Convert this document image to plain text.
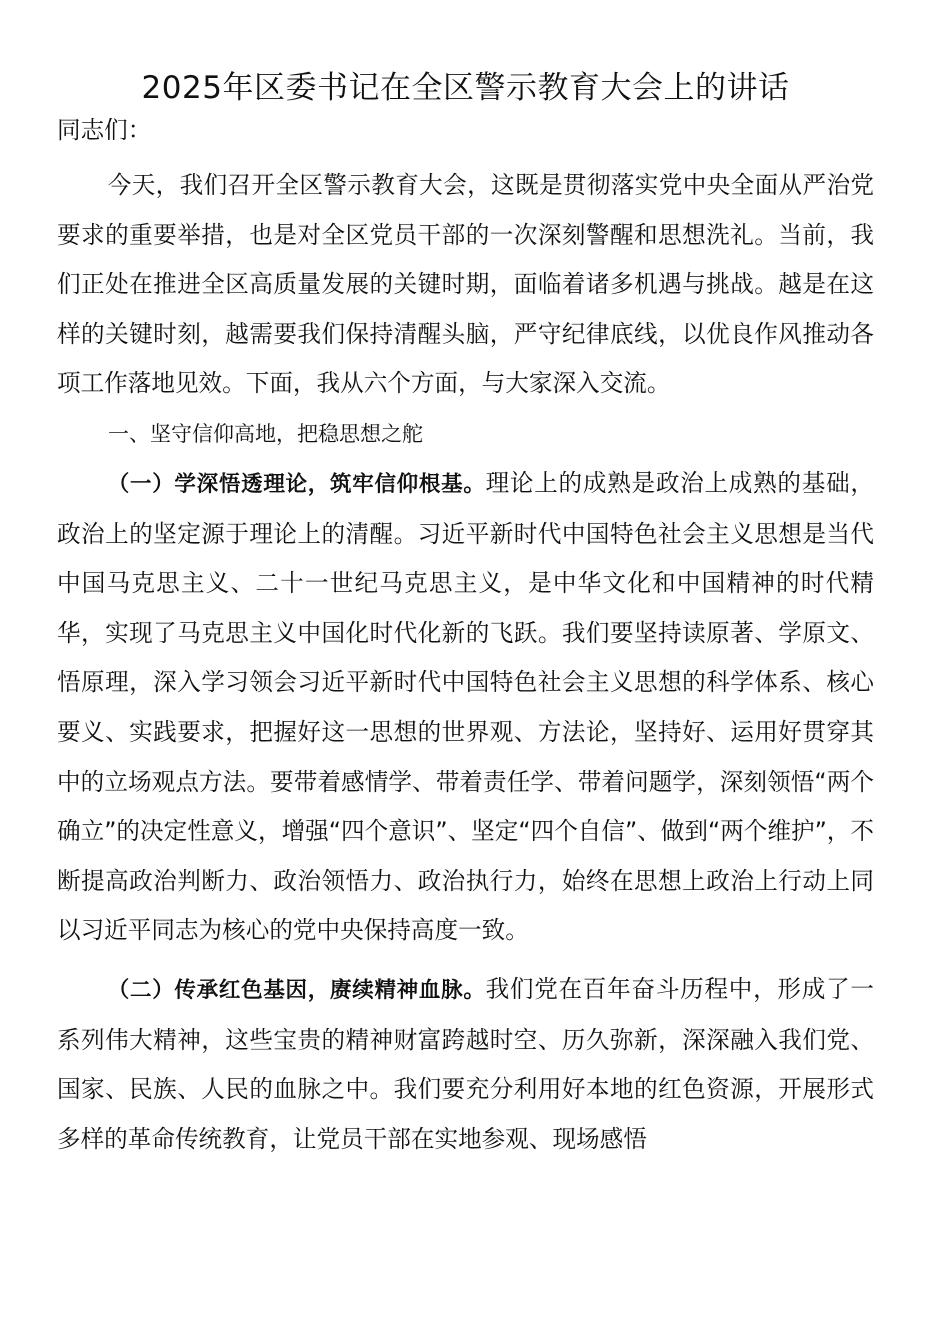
2025年区委书记在全区警示教育大会上的讲话

同志们：

今天，我们召开全区警示教育大会，这既是贯彻落实党中央全面从严治党要求的重要举措，也是对全区党员干部的一次深刻警醒和思想洗礼。当前，我们正处在推进全区高质量发展的关键时期，面临着诸多机遇与挑战。越是在这样的关键时刻，越需要我们保持清醒头脑，严守纪律底线，以优良作风推动各项工作落地见效。下面，我从六个方面，与大家深入交流。

一、坚守信仰高地，把稳思想之舵

（一）学深悟透理论，筑牢信仰根基。理论上的成熟是政治上成熟的基础，政治上的坚定源于理论上的清醒。习近平新时代中国特色社会主义思想是当代中国马克思主义、二十一世纪马克思主义，是中华文化和中国精神的时代精华，实现了马克思主义中国化时代化新的飞跃。我们要坚持读原著、学原文、悟原理，深入学习领会习近平新时代中国特色社会主义思想的科学体系、核心要义、实践要求，把握好这一思想的世界观、方法论，坚持好、运用好贯穿其中的立场观点方法。要带着感情学、带着责任学、带着问题学，深刻领悟“两个确立”的决定性意义，增强“四个意识”、坚定“四个自信”、做到“两个维护”，不断提高政治判断力、政治领悟力、政治执行力，始终在思想上政治上行动上同以习近平同志为核心的党中央保持高度一致。

（二）传承红色基因，赓续精神血脉。我们党在百年奋斗历程中，形成了一系列伟大精神，这些宝贵的精神财富跨越时空、历久弥新，深深融入我们党、国家、民族、人民的血脉之中。我们要充分利用好本地的红色资源，开展形式多样的革命传统教育，让党员干部在实地参观、现场感悟
